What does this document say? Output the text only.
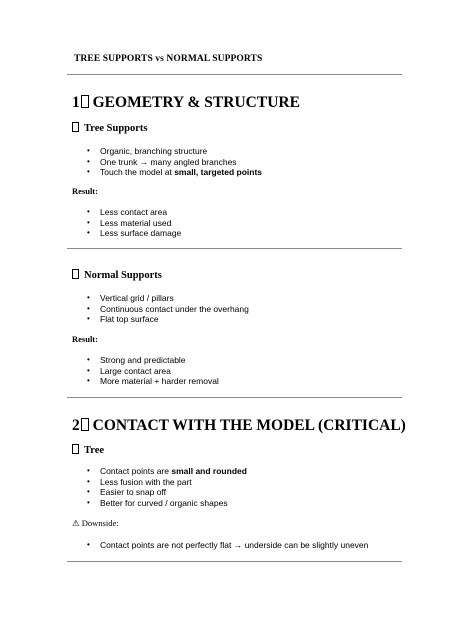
TREE SUPPORTS vs NORMAL SUPPORTS
1 GEOMETRY & STRUCTURE
Tree Supports
• Organic, branching structure
• One trunk → many angled branches
• Touch the model at small, targeted points
Result:
• Less contact area
• Less material used
• Less surface damage
Normal Supports
• Vertical grid / pillars
• Continuous contact under the overhang
• Flat top surface
Result:
• Strong and predictable
• Large contact area
• More material + harder removal
2 CONTACT WITH THE MODEL (CRITICAL)
Tree
• Contact points are small and rounded
• Less fusion with the part
• Easier to snap off
• Better for curved / organic shapes
⚠ Downside:
• Contact points are not perfectly flat → underside can be slightly uneven
